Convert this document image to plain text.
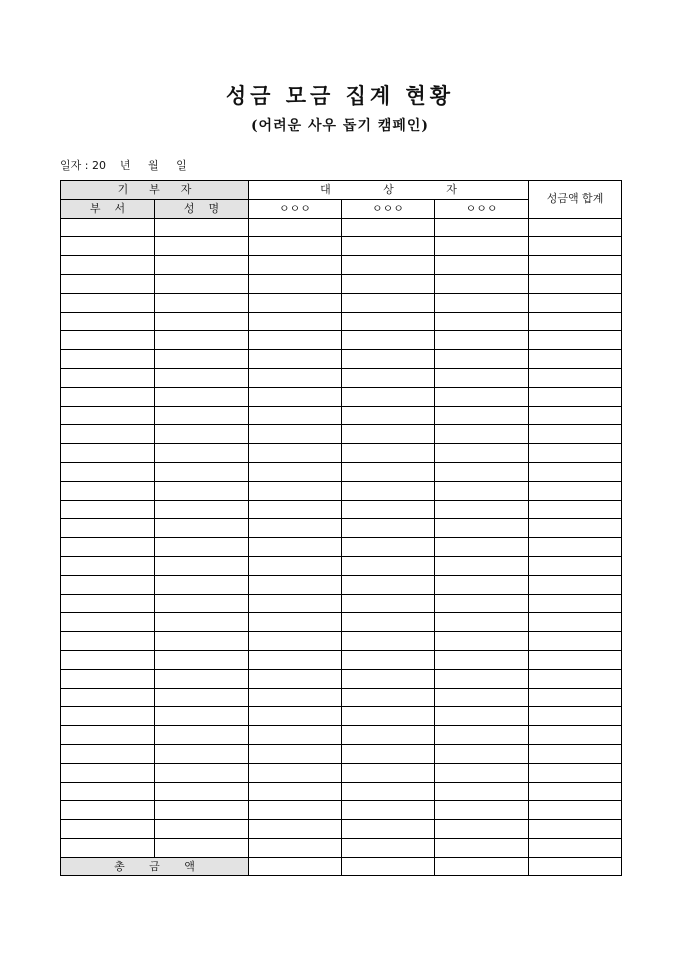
성금 모금 집계 현황
(어려운 사우 돕기 캠페인)
일자 : 20    년     월     일
기      부      자		대               상               자			성금액 합계
부    서	성    명	ㅇㅇㅇ	ㅇㅇㅇ	ㅇㅇㅇ	

총       금       액					
